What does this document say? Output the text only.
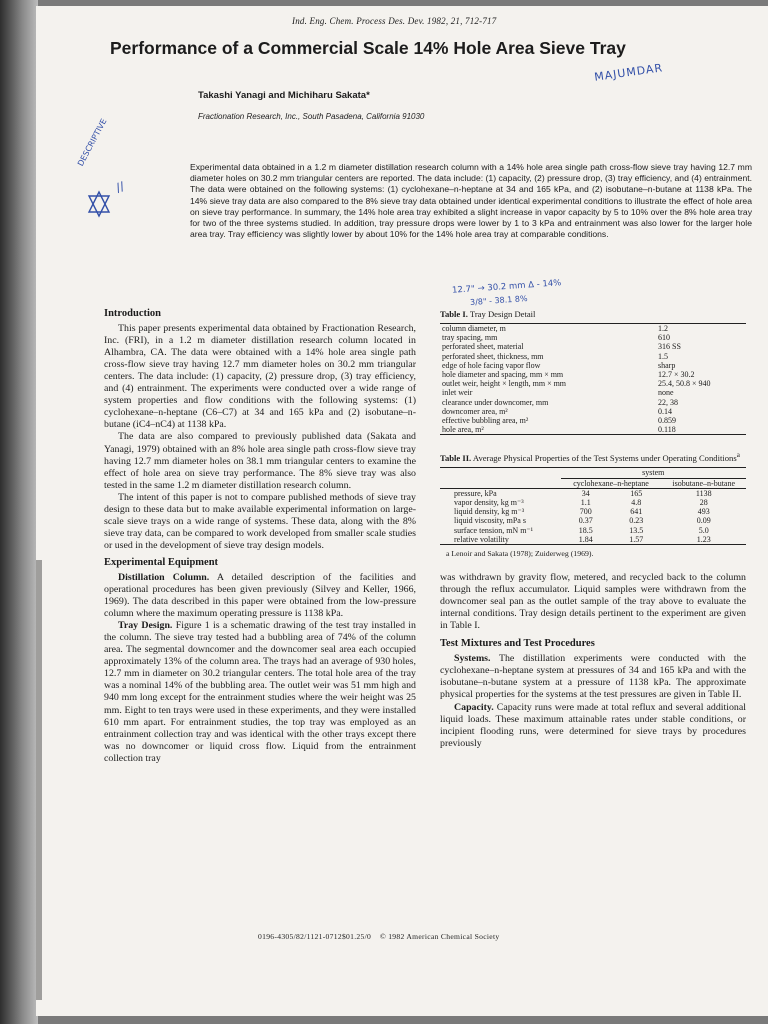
Ind. Eng. Chem. Process Des. Dev. 1982, 21, 712-717
Performance of a Commercial Scale 14% Hole Area Sieve Tray
Takashi Yanagi and Michiharu Sakata*
Fractionation Research, Inc., South Pasadena, California 91030
MAJUMDAR
DESCRIPTIVE
//
12.7" → 30.2 mm Δ - 14%
3/8" - 38.1 8%
Experimental data obtained in a 1.2 m diameter distillation research column with a 14% hole area single path cross-flow sieve tray having 12.7 mm diameter holes on 30.2 mm triangular centers are reported. The data include: (1) capacity, (2) pressure drop, (3) tray efficiency, and (4) entrainment. The data were obtained on the following systems: (1) cyclohexane–n-heptane at 34 and 165 kPa, and (2) isobutane–n-butane at 1138 kPa. The 14% sieve tray data are also compared to the 8% sieve tray data obtained under identical experimental conditions to illustrate the effect of hole area on sieve tray performance. In summary, the 14% hole area tray exhibited a slight increase in vapor capacity by 5 to 10% over the 8% hole area tray for two of the three systems studied. In addition, tray pressure drops were lower by 1 to 3 kPa and entrainment was also lower for the larger hole area tray. Tray efficiency was slightly lower by about 10% for the 14% hole area tray at comparable conditions.
Introduction

This paper presents experimental data obtained by Fractionation Research, Inc. (FRI), in a 1.2 m diameter distillation research column located in Alhambra, CA. The data were obtained with a 14% hole area single path cross-flow sieve tray having 12.7 mm diameter holes on 30.2 mm triangular centers. The data include: (1) capacity, (2) pressure drop, (3) tray efficiency, and (4) entrainment. The experiments were conducted over a wide range of system properties and flow conditions with the following systems: (1) cyclohexane–n-heptane (C6–C7) at 34 and 165 kPa and (2) isobutane–n-butane (iC4–nC4) at 1138 kPa.

The data are also compared to previously published data (Sakata and Yanagi, 1979) obtained with an 8% hole area single path cross-flow sieve tray having 12.7 mm diameter holes on 38.1 mm triangular centers to examine the effect of hole area on sieve tray performance. The 8% sieve tray was also tested in the same 1.2 m diameter distillation research column.

The intent of this paper is not to compare published methods of sieve tray design to these data but to make available experimental information on large-scale sieve trays on a wide range of systems. These data, along with the 8% sieve tray data, can be compared to work developed from smaller scale studies or used in the development of sieve tray design models.

Experimental Equipment

Distillation Column. A detailed description of the facilities and operational procedures has been given previously (Silvey and Keller, 1966, 1969). The data described in this paper were obtained from the low-pressure column where the maximum operating pressure is 1138 kPa.

Tray Design. Figure 1 is a schematic drawing of the test tray installed in the column. The sieve tray tested had a bubbling area of 74% of the column area. The segmental downcomer and the downcomer seal area each occupied approximately 13% of the column area. The trays had an average of 930 holes, 12.7 mm in diameter on 30.2 triangular centers. The total hole area of the tray was a nominal 14% of the bubbling area. The outlet weir was 51 mm high and 940 mm long except for the entrainment studies where the weir height was 25 mm. Eight to ten trays were used in these experiments, and they were installed 610 mm apart. For entrainment studies, the top tray was employed as an entrainment collection tray and was identical with the other trays except there was no downcomer or liquid cross flow. Liquid from the entrainment collection tray

Table I. Tray Design Detail
column diameter, m	1.2
tray spacing, mm	610
perforated sheet, material	316 SS
perforated sheet, thickness, mm	1.5
edge of hole facing vapor flow	sharp
hole diameter and spacing, mm × mm	12.7 × 30.2
outlet weir, height × length, mm × mm	25.4, 50.8 × 940
inlet weir	none
clearance under downcomer, mm	22, 38
downcomer area, m²	0.14
effective bubbling area, m²	0.859
hole area, m²	0.118
Table II. Average Physical Properties of the Test Systems under Operating Conditions$^a$
	system		
	cyclohexane–n-heptane		isobutane–n-butane
pressure, kPa	34	165	1138
vapor density, kg m⁻³	1.1	4.8	28
liquid density, kg m⁻³	700	641	493
liquid viscosity, mPa s	0.37	0.23	0.09
surface tension, mN m⁻¹	18.5	13.5	5.0
relative volatility	1.84	1.57	1.23
a Lenoir and Sakata (1978); Zuiderweg (1969).

was withdrawn by gravity flow, metered, and recycled back to the column through the reflux accumulator. Liquid samples were withdrawn from the downcomer seal pan as the outlet sample of the tray above to evaluate the internal conditions. Tray design details pertinent to the experiment are given in Table I.

Test Mixtures and Test Procedures

Systems. The distillation experiments were conducted with the cyclohexane–n-heptane system at pressures of 34 and 165 kPa and with the isobutane–n-butane system at a pressure of 1138 kPa. The approximate physical properties for the systems at the test pressures are given in Table II.

Capacity. Capacity runs were made at total reflux and several additional liquid loads. These maximum attainable rates under stable conditions, or incipient flooding runs, were determined for sieve trays by procedures previously

0196-4305/82/1121-0712$01.25/0 © 1982 American Chemical Society
